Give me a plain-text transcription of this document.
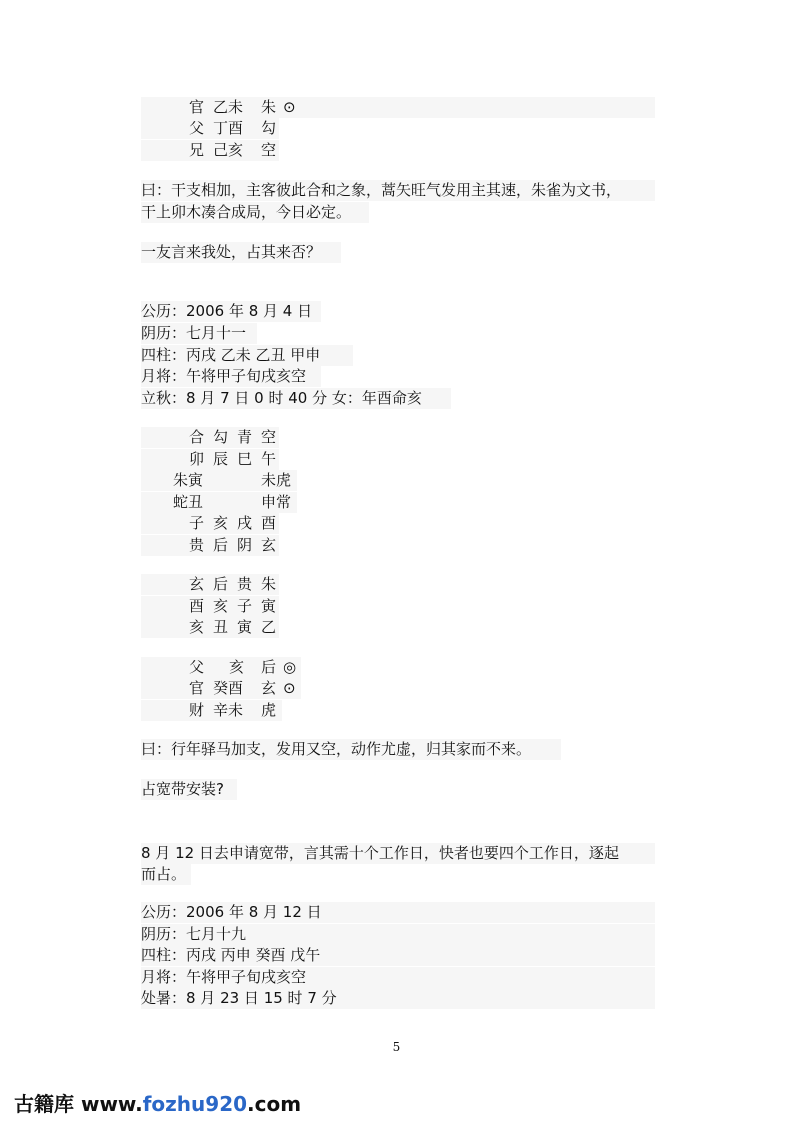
官 乙未 朱 ⊙
父 丁酉 勾
兄 己亥 空
曰：干支相加，主客彼此合和之象，蒿矢旺气发用主其速，朱雀为文书，
干上卯木凑合成局，今日必定。
一友言来我处，占其来否？
公历：2006 年 8 月 4 日
阴历：七月十一
四柱：丙戌 乙未 乙丑 甲申
月将：午将甲子旬戌亥空
立秋：8 月 7 日 0 时 40 分 女：年酉命亥
合 勾 青 空
卯 辰 巳 午
朱寅	未虎
蛇丑	申常
子 亥 戌 酉
贵 后 阴 玄
玄 后 贵 朱
酉 亥 子 寅
亥 丑 寅 乙
父 亥 后 ◎
官 癸酉 玄 ⊙
财 辛未 虎
曰：行年驿马加支，发用又空，动作尤虚，归其家而不来。
占宽带安装?
8 月 12 日去申请宽带，言其需十个工作日，快者也要四个工作日，逐起
而占。
公历：2006 年 8 月 12 日
阴历：七月十九
四柱：丙戌 丙申 癸酉 戊午
月将：午将甲子旬戌亥空
处暑：8 月 23 日 15 时 7 分
5
古籍库 www.fozhu920.com
